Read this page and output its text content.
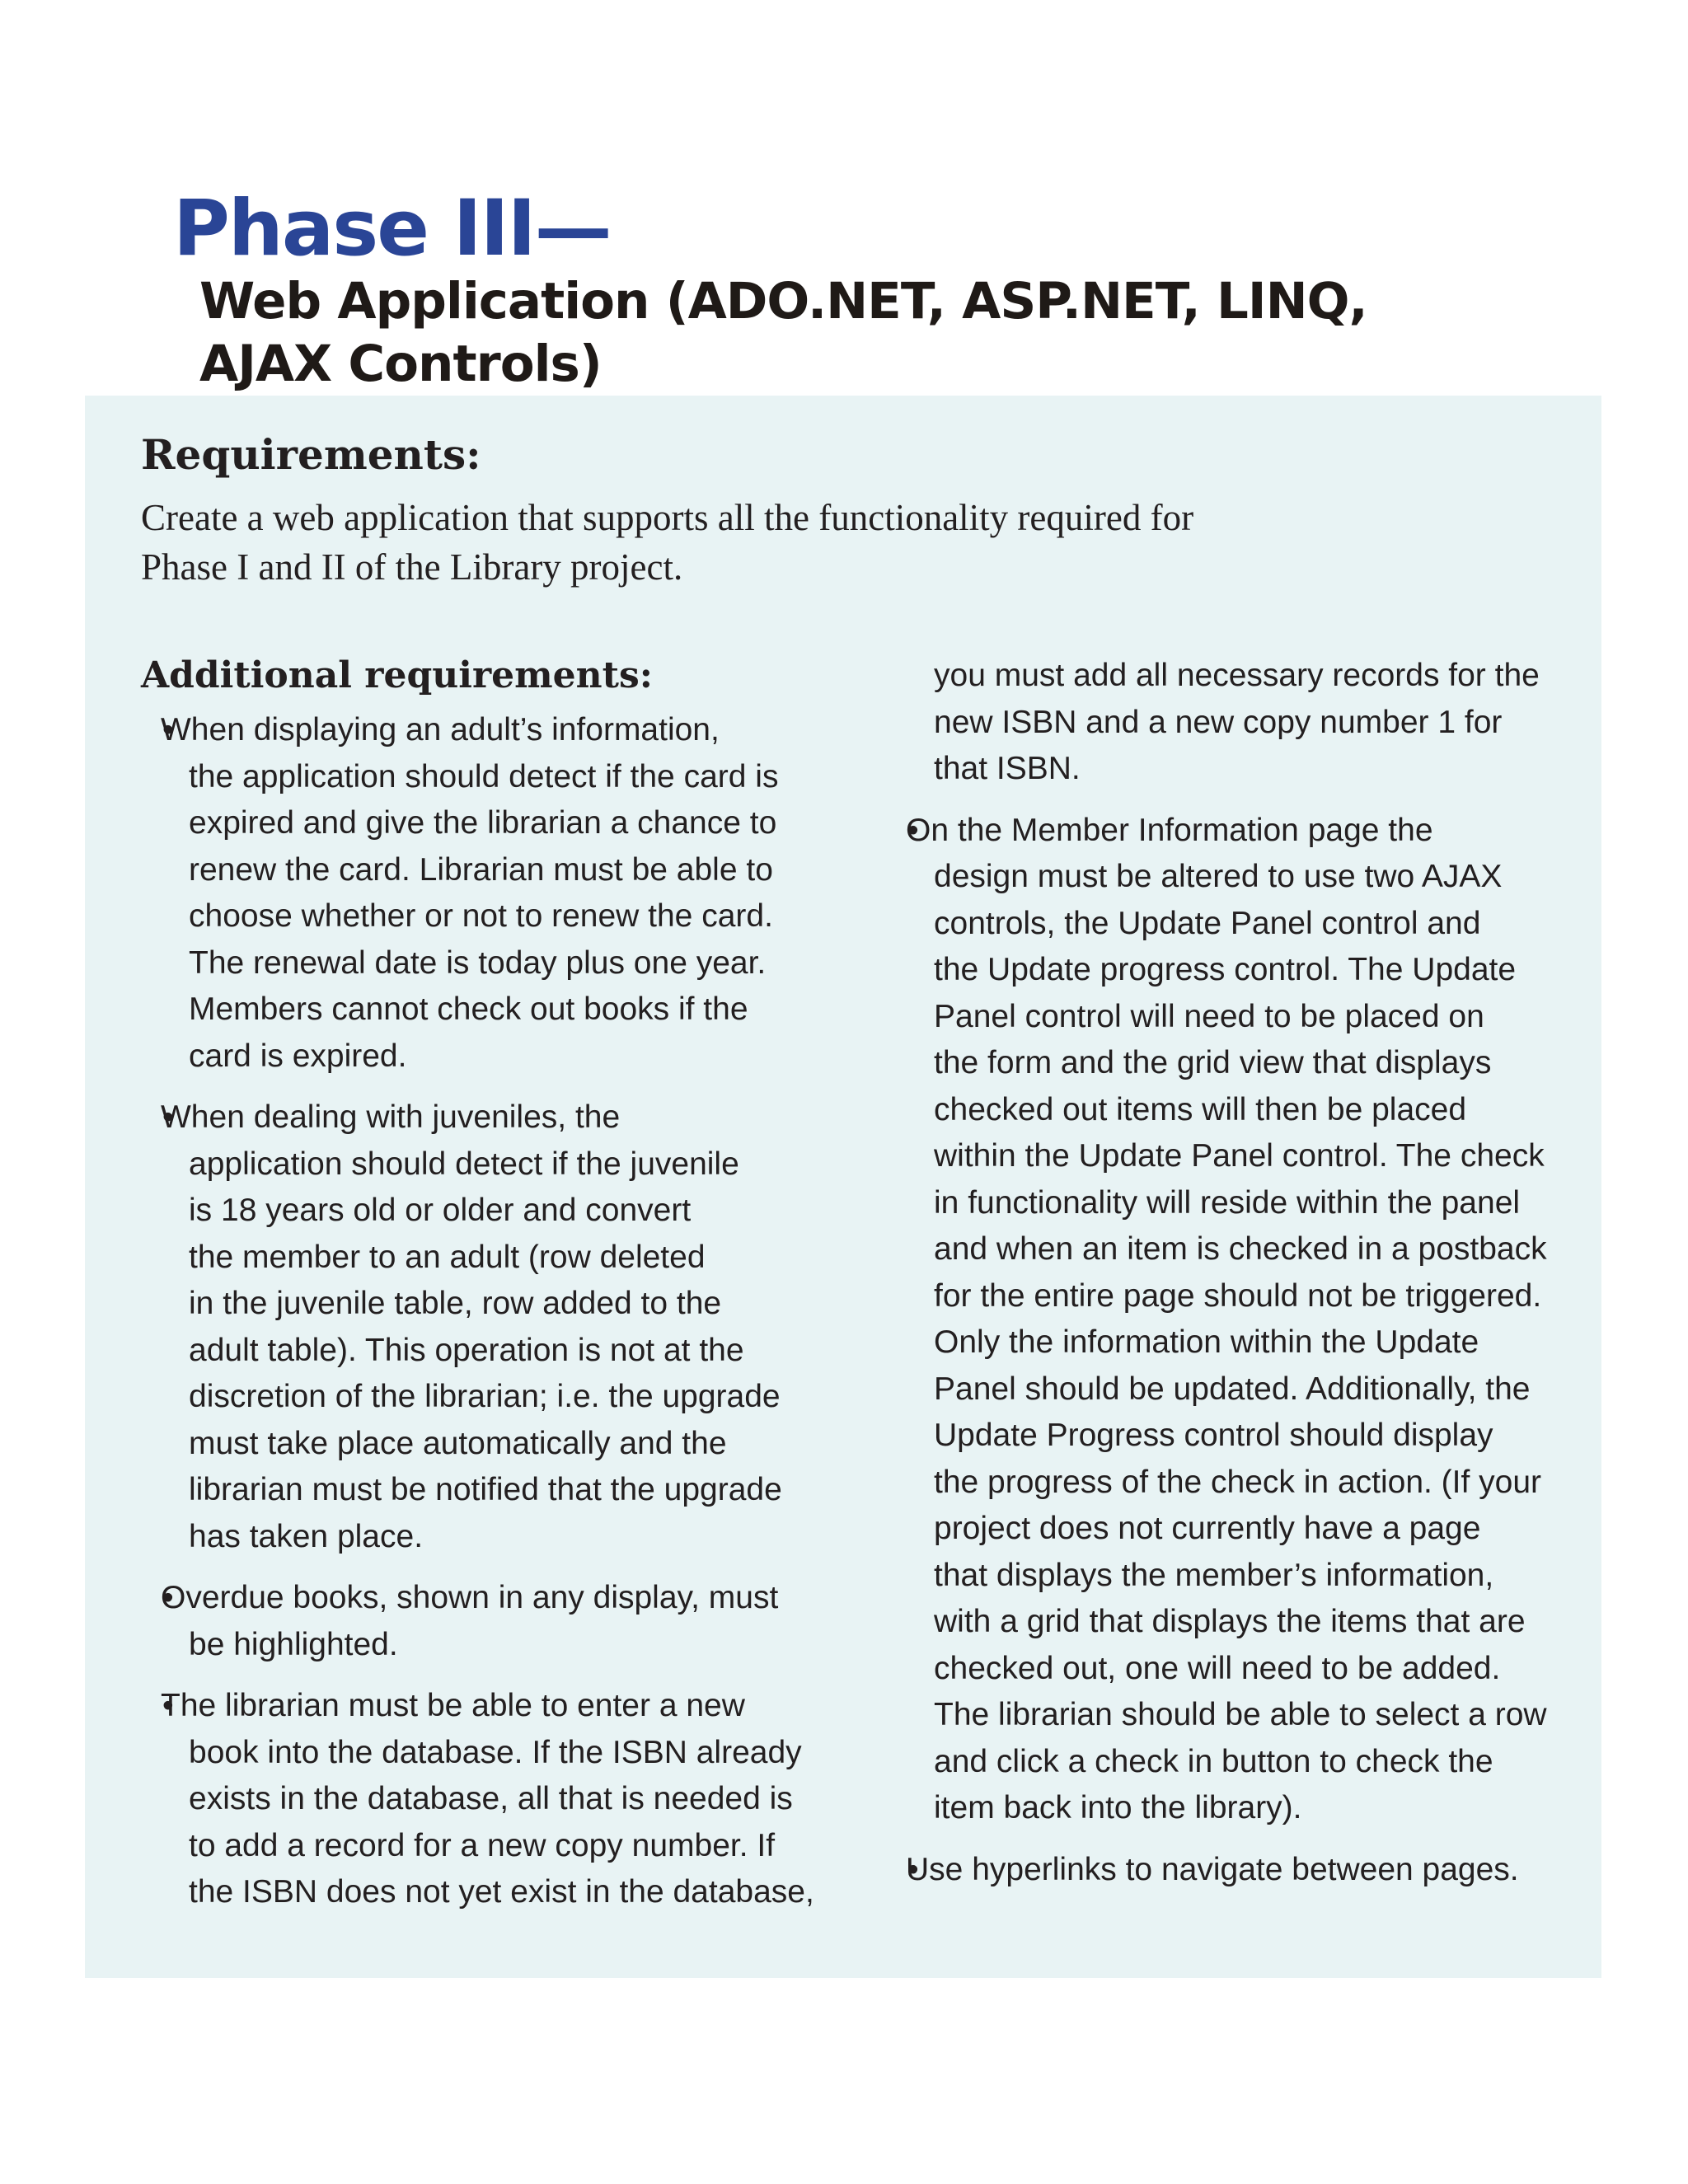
Phase III—
Web Application (ADO.NET, ASP.NET, LINQ,
AJAX Controls)
Requirements:

Create a web application that supports all the functionality required for
Phase I and II of the Library project.

Additional requirements:
• When displaying an adult’s information,
the application should detect if the card is
expired and give the librarian a chance to
renew the card. Librarian must be able to
choose whether or not to renew the card.
The renewal date is today plus one year.
Members cannot check out books if the
card is expired.
• When dealing with juveniles, the
application should detect if the juvenile
is 18 years old or older and convert
the member to an adult (row deleted
in the juvenile table, row added to the
adult table). This operation is not at the
discretion of the librarian; i.e. the upgrade
must take place automatically and the
librarian must be notified that the upgrade
has taken place.
• Overdue books, shown in any display, must
be highlighted.
• The librarian must be able to enter a new
book into the database. If the ISBN already
exists in the database, all that is needed is
to add a record for a new copy number. If
the ISBN does not yet exist in the database,
you must add all necessary records for the
new ISBN and a new copy number 1 for
that ISBN.
• On the Member Information page the
design must be altered to use two AJAX
controls, the Update Panel control and
the Update progress control. The Update
Panel control will need to be placed on
the form and the grid view that displays
checked out items will then be placed
within the Update Panel control. The check
in functionality will reside within the panel
and when an item is checked in a postback
for the entire page should not be triggered.
Only the information within the Update
Panel should be updated. Additionally, the
Update Progress control should display
the progress of the check in action. (If your
project does not currently have a page
that displays the member’s information,
with a grid that displays the items that are
checked out, one will need to be added.
The librarian should be able to select a row
and click a check in button to check the
item back into the library).
• Use hyperlinks to navigate between pages.
